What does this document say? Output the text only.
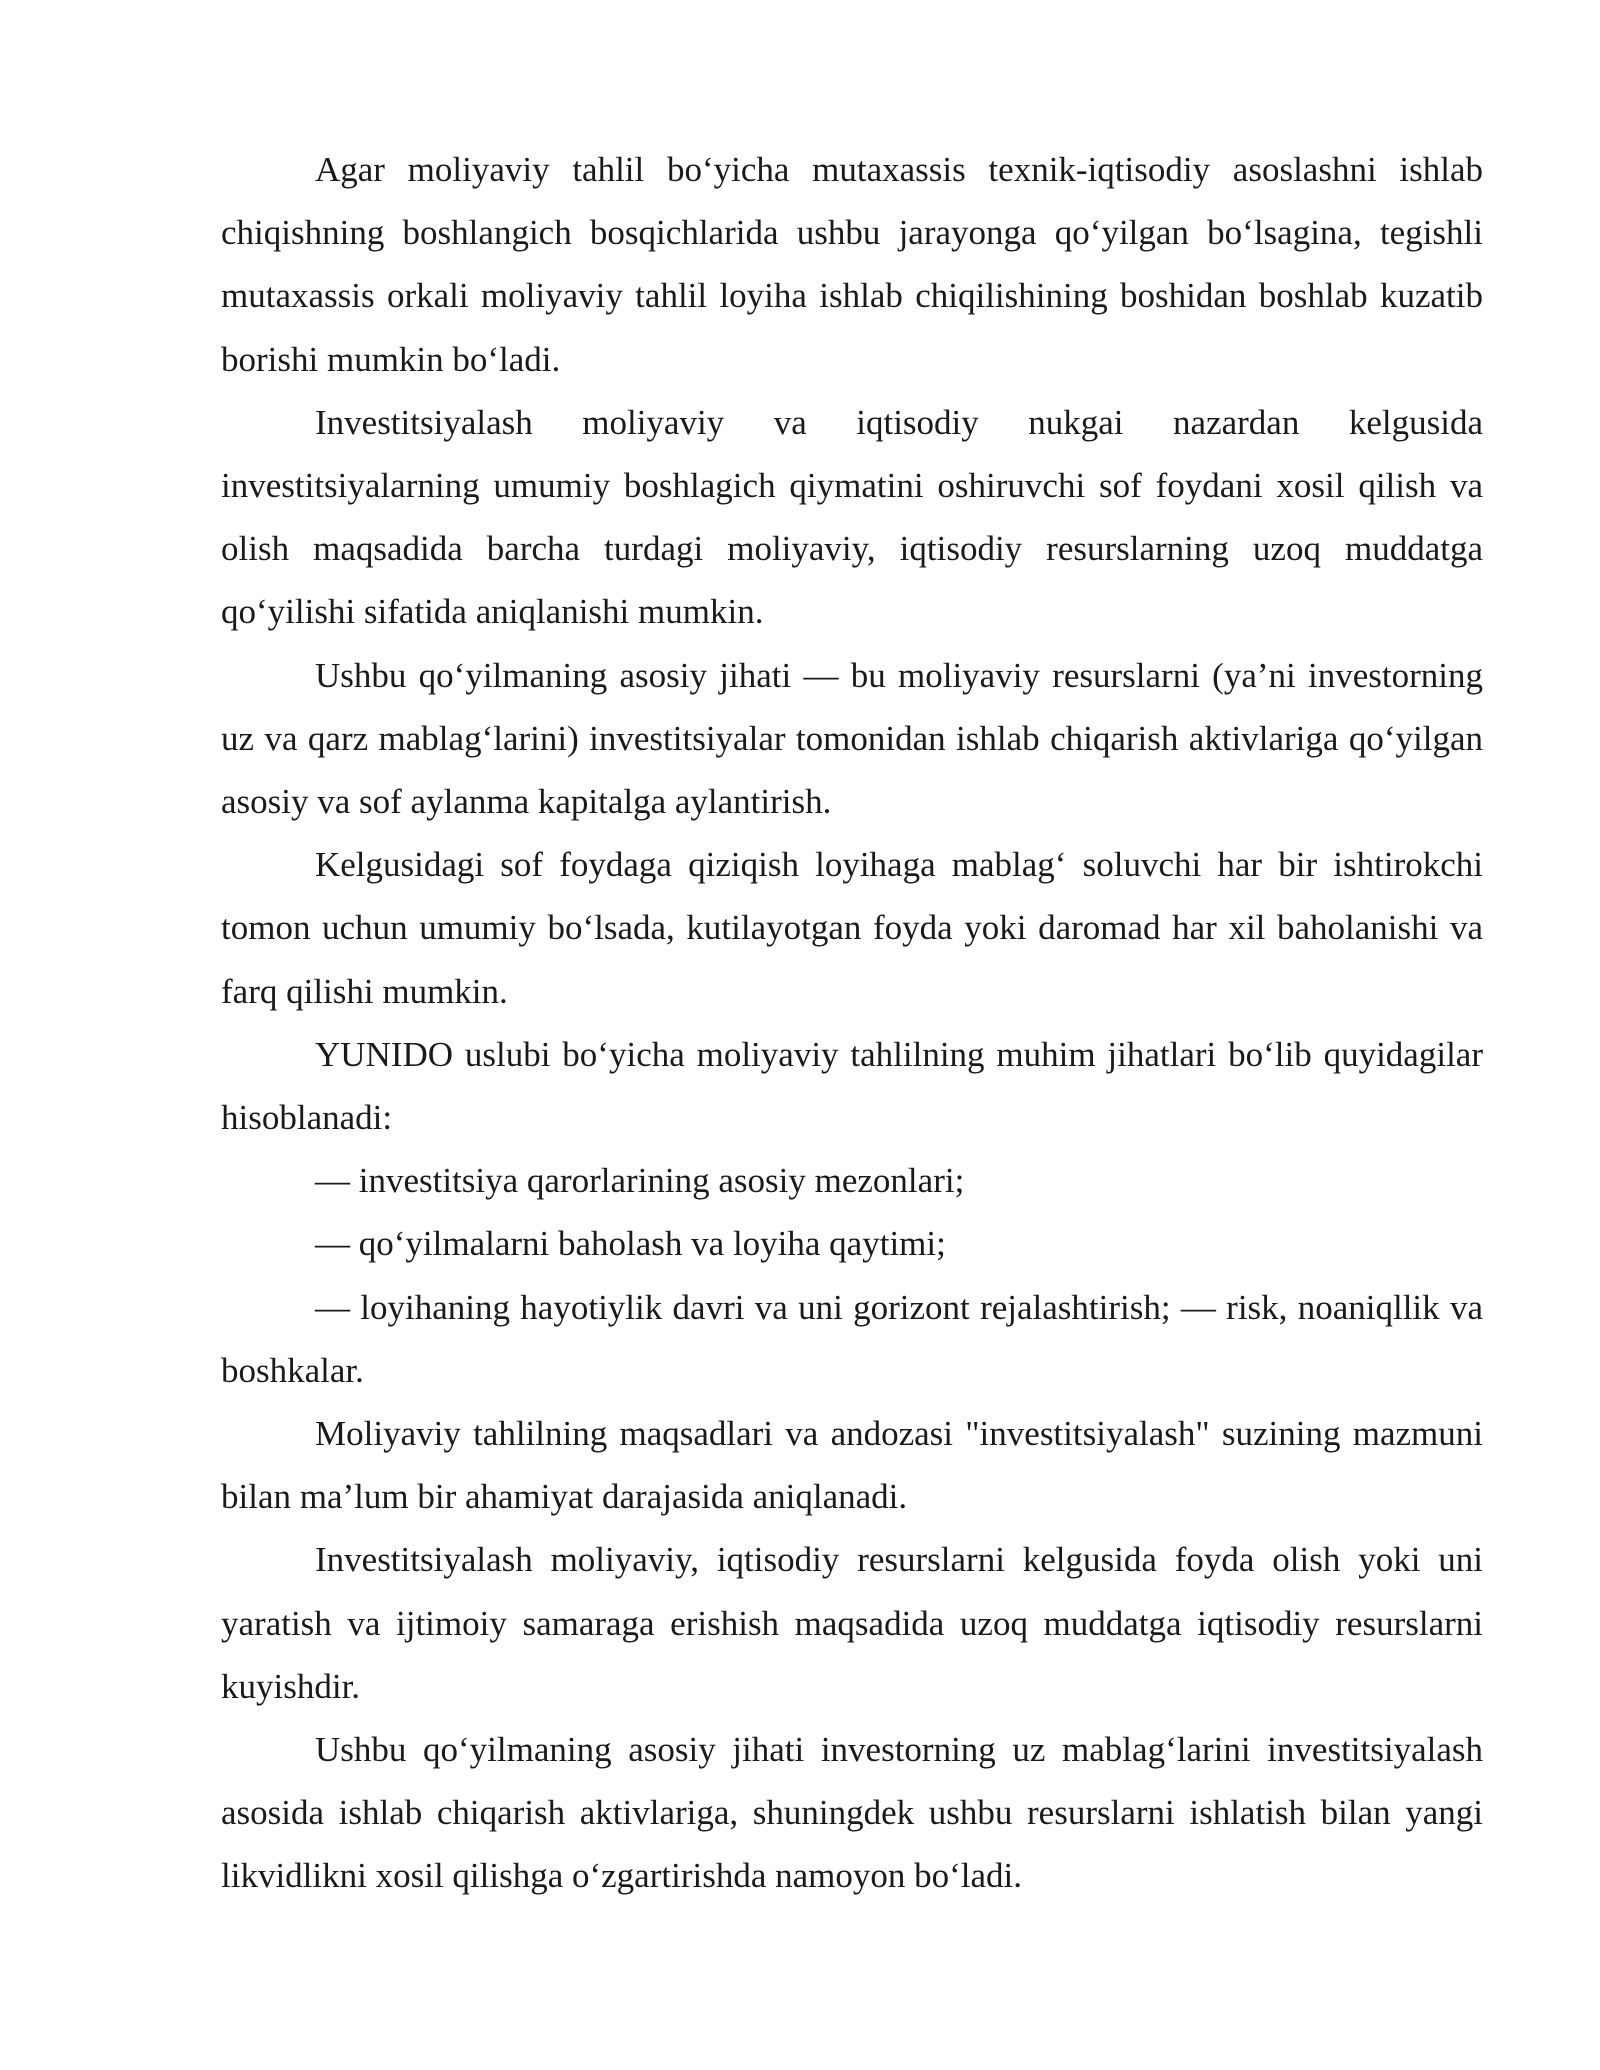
Agar moliyaviy tahlil bo‘yicha mutaxassis texnik-iqtisodiy asoslashni ishlab chiqishning boshlangich bosqichlarida ushbu jarayonga qo‘yilgan bo‘lsagina, tegishli mutaxassis orkali moliyaviy tahlil loyiha ishlab chiqilishining boshidan boshlab kuzatib borishi mumkin bo‘ladi.

Investitsiyalash moliyaviy va iqtisodiy nukgai nazardan kelgusida investitsiyalarning umumiy boshlagich qiymatini oshiruvchi sof foydani xosil qilish va olish maqsadida barcha turdagi moliyaviy, iqtisodiy resurslarning uzoq muddatga qo‘yilishi sifatida aniqlanishi mumkin.

Ushbu qo‘yilmaning asosiy jihati — bu moliyaviy resurslarni (ya’ni investorning uz va qarz mablag‘larini) investitsiyalar tomonidan ishlab chiqarish aktivlariga qo‘yilgan asosiy va sof aylanma kapitalga aylantirish.

Kelgusidagi sof foydaga qiziqish loyihaga mablag‘ soluvchi har bir ishtirokchi tomon uchun umumiy bo‘lsada, kutilayotgan foyda yoki daromad har xil baholanishi va farq qilishi mumkin.

YUNIDO uslubi bo‘yicha moliyaviy tahlilning muhim jihatlari bo‘lib quyidagilar hisoblanadi:

— investitsiya qarorlarining asosiy mezonlari;

— qo‘yilmalarni baholash va loyiha qaytimi;

— loyihaning hayotiylik davri va uni gorizont rejalashtirish; — risk, noaniqllik va boshkalar.

Moliyaviy tahlilning maqsadlari va andozasi "investitsiyalash" suzining mazmuni bilan ma’lum bir ahamiyat darajasida aniqlanadi.

Investitsiyalash moliyaviy, iqtisodiy resurslarni kelgusida foyda olish yoki uni yaratish va ijtimoiy samaraga erishish maqsadida uzoq muddatga iqtisodiy resurslarni kuyishdir.

Ushbu qo‘yilmaning asosiy jihati investorning uz mablag‘larini investitsiyalash asosida ishlab chiqarish aktivlariga, shuningdek ushbu resurslarni ishlatish bilan yangi likvidlikni xosil qilishga o‘zgartirishda namoyon bo‘ladi.
